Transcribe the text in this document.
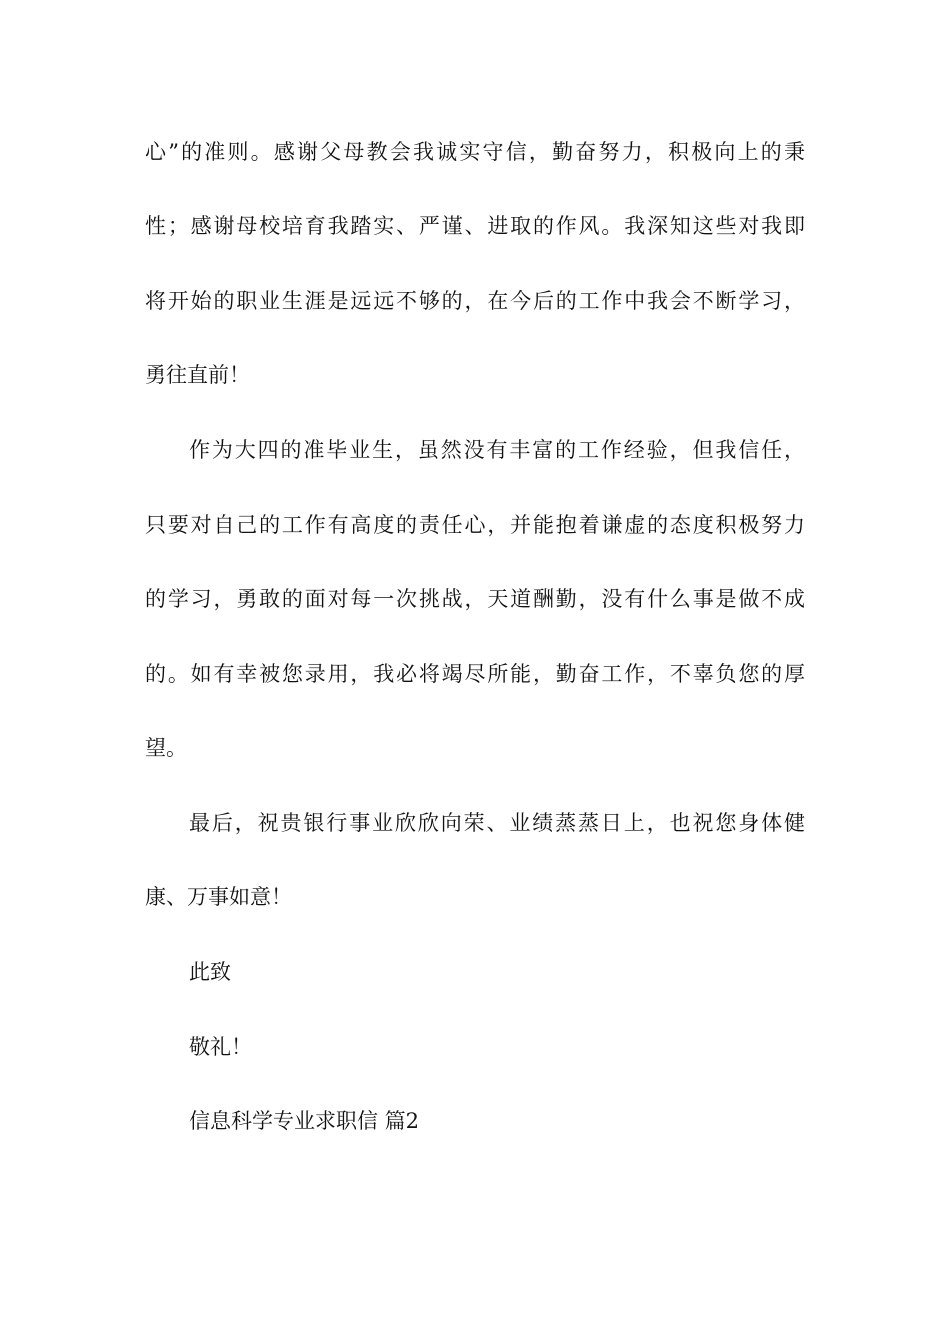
心”的准则。感谢父母教会我诚实守信，勤奋努力，积极向上的秉
性；感谢母校培育我踏实、严谨、进取的作风。我深知这些对我即
将开始的职业生涯是远远不够的，在今后的工作中我会不断学习，
勇往直前！
作为大四的准毕业生，虽然没有丰富的工作经验，但我信任，
只要对自己的工作有高度的责任心，并能抱着谦虚的态度积极努力
的学习，勇敢的面对每一次挑战，天道酬勤，没有什么事是做不成
的。如有幸被您录用，我必将竭尽所能，勤奋工作，不辜负您的厚
望。
最后，祝贵银行事业欣欣向荣、业绩蒸蒸日上，也祝您身体健
康、万事如意！
此致
敬礼！
信息科学专业求职信 篇2
